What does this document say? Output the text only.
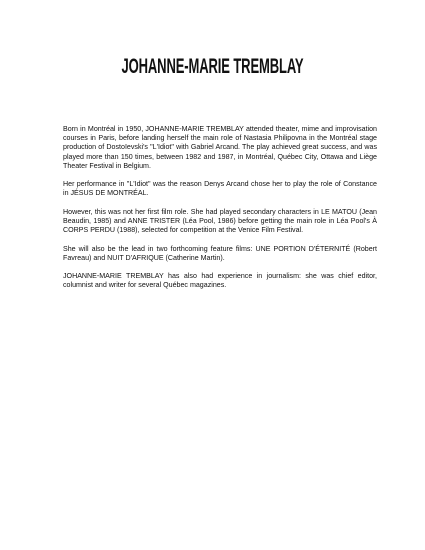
JOHANNE-MARIE TREMBLAY

Born in Montréal in 1950, JOHANNE-MARIE TREMBLAY attended theater, mime and improvisation courses in Paris, before landing herself the main role of Nastasia Philipovna in the Montréal stage production of Dostoïevski's "L'Idiot" with Gabriel Arcand. The play achieved great success, and was played more than 150 times, between 1982 and 1987, in Montréal, Québec City, Ottawa and Liège Theater Festival in Belgium.

Her performance in "L'Idiot" was the reason Denys Arcand chose her to play the role of Constance in JÉSUS DE MONTRÉAL.

However, this was not her first film role. She had played secondary characters in LE MATOU (Jean Beaudin, 1985) and ANNE TRISTER (Léa Pool, 1986) before getting the main role in Léa Pool's À CORPS PERDU (1988), selected for competition at the Venice Film Festival.

She will also be the lead in two forthcoming feature films: UNE PORTION D'ÉTERNITÉ (Robert Favreau) and NUIT D'AFRIQUE (Catherine Martin).

JOHANNE-MARIE TREMBLAY has also had experience in journalism: she was chief editor, columnist and writer for several Québec magazines.
